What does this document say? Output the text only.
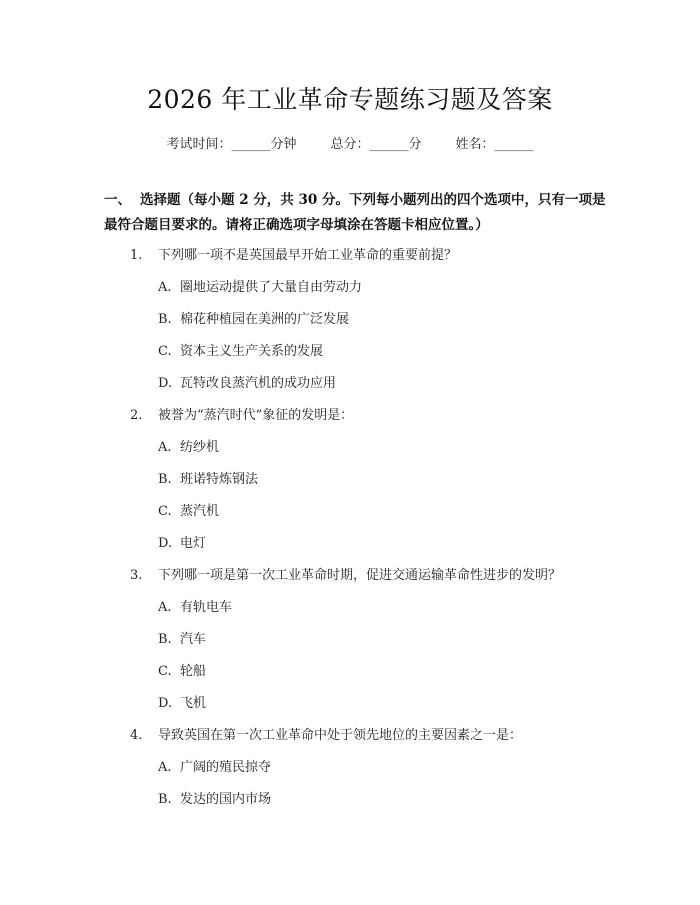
2026 年工业革命专题练习题及答案
考试时间：______分钟	总分：______分	姓名：______
一、 选择题（每小题 2 分，共 30 分。下列每小题列出的四个选项中，只有一项是最符合题目要求的。请将正确选项字母填涂在答题卡相应位置。）
1. 下列哪一项不是英国最早开始工业革命的重要前提？
A. 圈地运动提供了大量自由劳动力
B. 棉花种植园在美洲的广泛发展
C. 资本主义生产关系的发展
D. 瓦特改良蒸汽机的成功应用
2. 被誉为“蒸汽时代”象征的发明是：
A. 纺纱机
B. 班诺特炼钢法
C. 蒸汽机
D. 电灯
3. 下列哪一项是第一次工业革命时期，促进交通运输革命性进步的发明？
A. 有轨电车
B. 汽车
C. 轮船
D. 飞机
4. 导致英国在第一次工业革命中处于领先地位的主要因素之一是：
A. 广阔的殖民掠夺
B. 发达的国内市场
